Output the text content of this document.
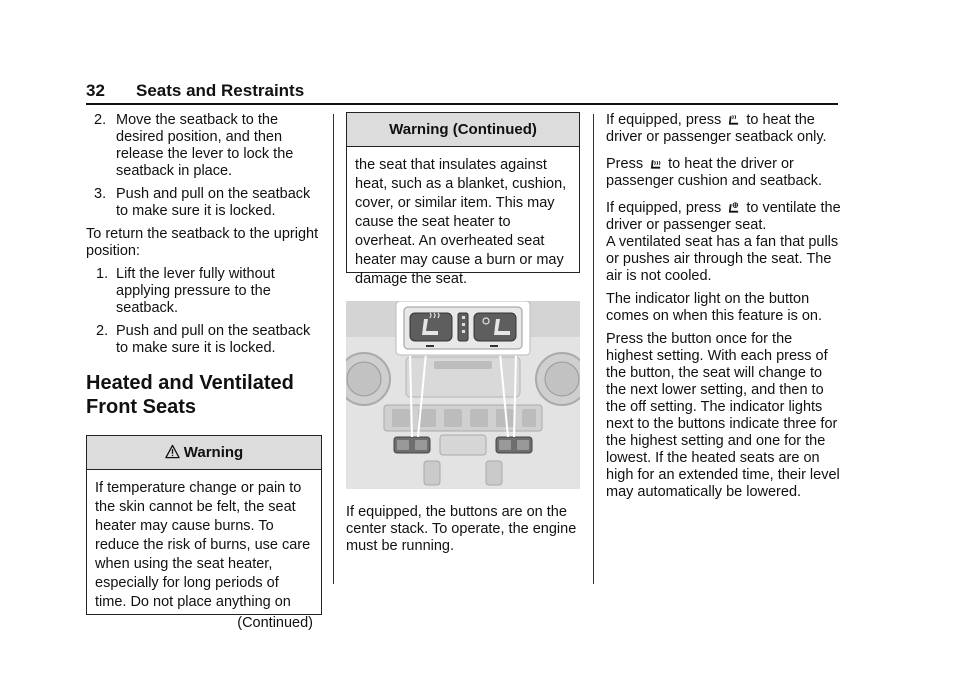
32 Seats and Restraints
2. Move the seatback to the desired position, and then release the lever to lock the seatback in place.
3. Push and pull on the seatback to make sure it is locked.

To return the seatback to the upright position:

1. Lift the lever fully without applying pressure to the seatback.
2. Push and pull on the seatback to make sure it is locked.
Heated and Ventilated Front Seats
Warning
If temperature change or pain to the skin cannot be felt, the seat heater may cause burns. To reduce the risk of burns, use care when using the seat heater, especially for long periods of time. Do not place anything on
(Continued)
Warning (Continued)
the seat that insulates against heat, such as a blanket, cushion, cover, or similar item. This may cause the seat heater to overheat. An overheated seat heater may cause a burn or may damage the seat.

If equipped, the buttons are on the center stack. To operate, the engine must be running.

If equipped, press to heat the driver or passenger seatback only.

Press to heat the driver or passenger cushion and seatback.

If equipped, press to ventilate the driver or passenger seat.

A ventilated seat has a fan that pulls or pushes air through the seat. The air is not cooled.

The indicator light on the button comes on when this feature is on.

Press the button once for the highest setting. With each press of the button, the seat will change to the next lower setting, and then to the off setting. The indicator lights next to the buttons indicate three for the highest setting and one for the lowest. If the heated seats are on high for an extended time, their level may automatically be lowered.
